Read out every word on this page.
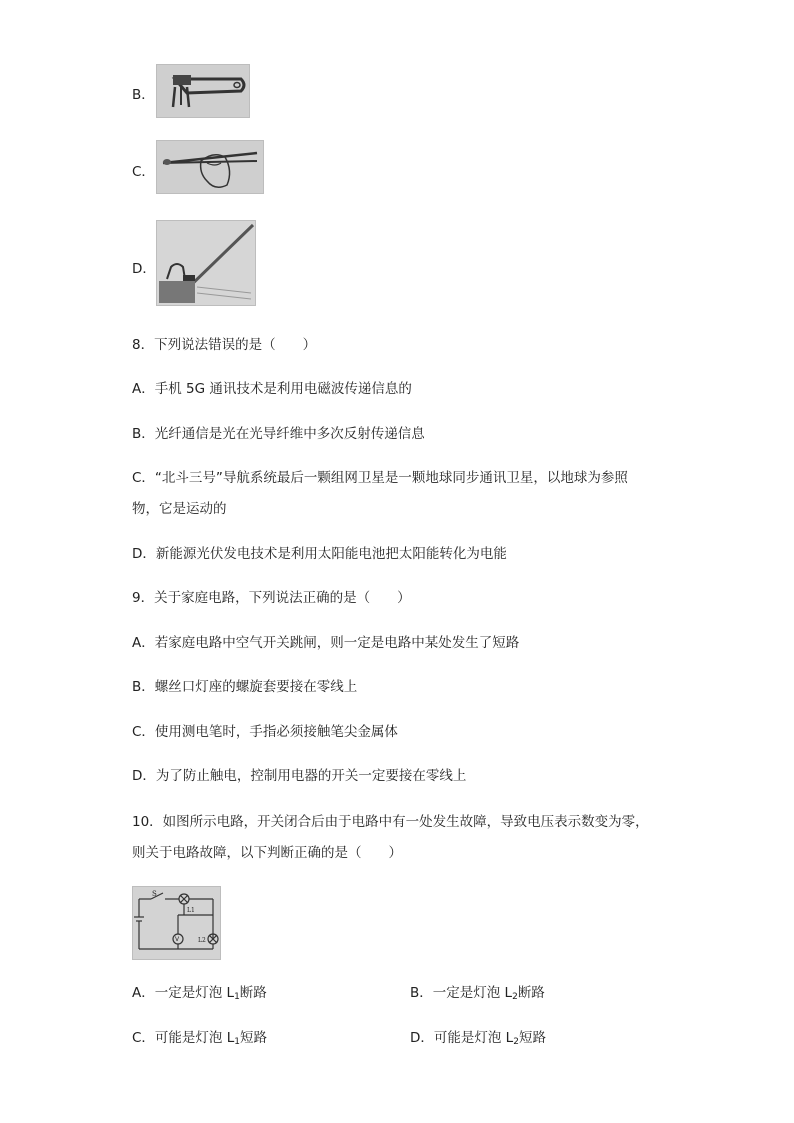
B．
C．
D．
8．下列说法错误的是（　　）
A．手机 5G 通讯技术是利用电磁波传递信息的
B．光纤通信是光在光导纤维中多次反射传递信息
C．“北斗三号”导航系统最后一颗组网卫星是一颗地球同步通讯卫星，以地球为参照
物，它是运动的
D．新能源光伏发电技术是利用太阳能电池把太阳能转化为电能
9．关于家庭电路，下列说法正确的是（　　）
A．若家庭电路中空气开关跳闸，则一定是电路中某处发生了短路
B．螺丝口灯座的螺旋套要接在零线上
C．使用测电笔时，手指必须接触笔尖金属体
D．为了防止触电，控制用电器的开关一定要接在零线上
10．如图所示电路，开关闭合后由于电路中有一处发生故障，导致电压表示数变为零，
则关于电路故障，以下判断正确的是（　　）
S
L1
V	L2
A．一定是灯泡 $L_1$断路	B．一定是灯泡 $L_2$断路
C．可能是灯泡 $L_1$短路	D．可能是灯泡 $L_2$短路
